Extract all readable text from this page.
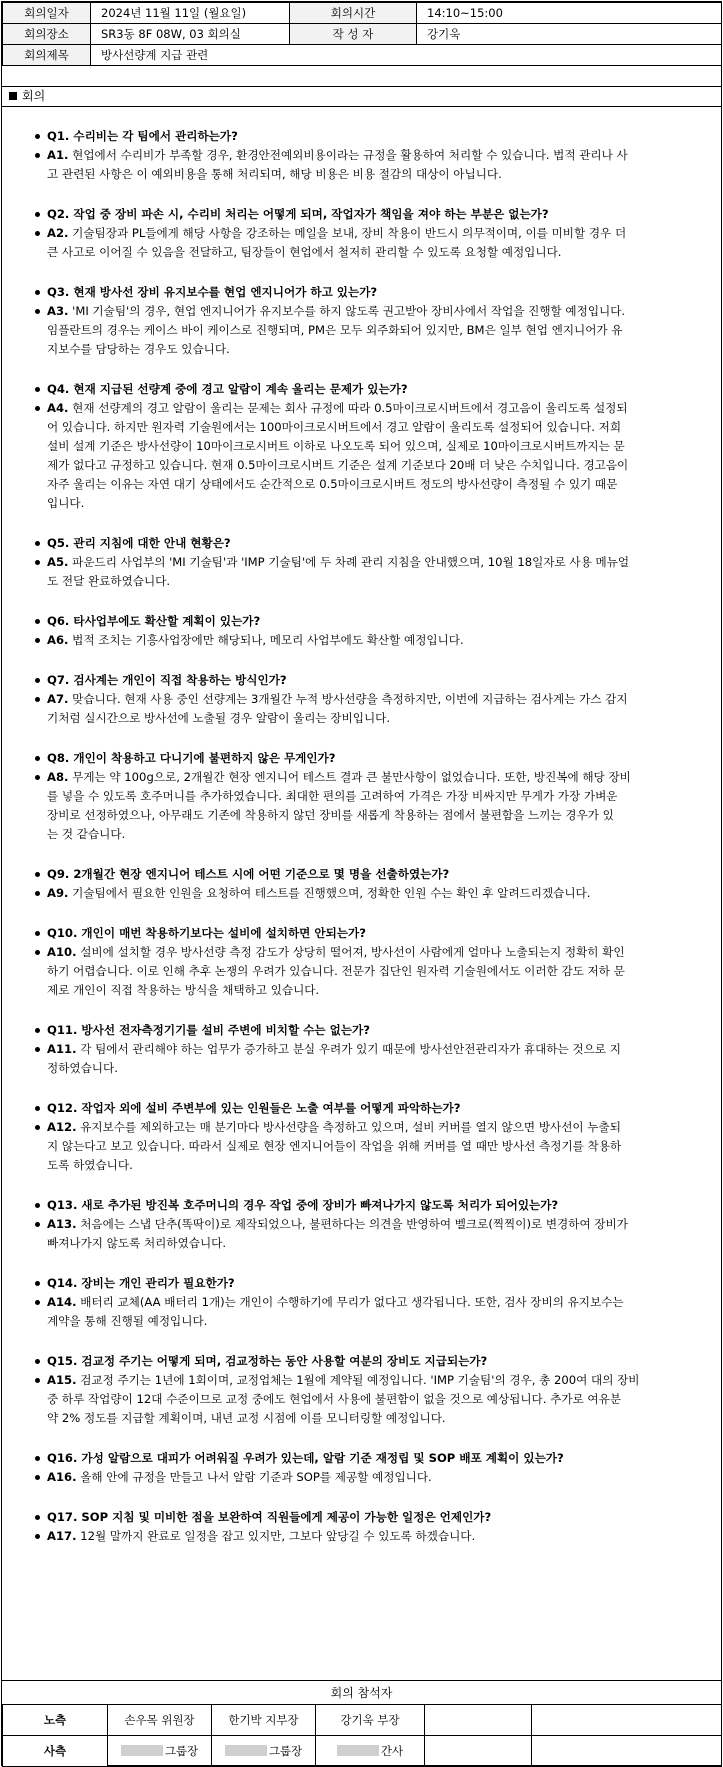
회의일자	2024년 11월 11일 (월요일)	회의시간	14:10~15:00
회의장소	SR3동 8F 08W, 03 회의실	작 성 자	강기욱
회의제목	방사선량계 지급 관련		
회의
Q1. 수리비는 각 팀에서 관리하는가?
A1. 현업에서 수리비가 부족할 경우, 환경안전예외비용이라는 규정을 활용하여 처리할 수 있습니다. 법적 관리나 사
고 관련된 사항은 이 예외비용을 통해 처리되며, 해당 비용은 비용 절감의 대상이 아닙니다.
Q2. 작업 중 장비 파손 시, 수리비 처리는 어떻게 되며, 작업자가 책임을 져야 하는 부분은 없는가?
A2. 기술팀장과 PL들에게 해당 사항을 강조하는 메일을 보내, 장비 착용이 반드시 의무적이며, 이를 미비할 경우 더
큰 사고로 이어질 수 있음을 전달하고, 팀장들이 현업에서 철저히 관리할 수 있도록 요청할 예정입니다.
Q3. 현재 방사선 장비 유지보수를 현업 엔지니어가 하고 있는가?
A3. 'MI 기술팀'의 경우, 현업 엔지니어가 유지보수를 하지 않도록 권고받아 장비사에서 작업을 진행할 예정입니다.
임플란트의 경우는 케이스 바이 케이스로 진행되며, PM은 모두 외주화되어 있지만, BM은 일부 현업 엔지니어가 유
지보수를 담당하는 경우도 있습니다.
Q4. 현재 지급된 선량계 중에 경고 알람이 계속 울리는 문제가 있는가?
A4. 현재 선량계의 경고 알람이 울리는 문제는 회사 규정에 따라 0.5마이크로시버트에서 경고음이 울리도록 설정되
어 있습니다. 하지만 원자력 기술원에서는 100마이크로시버트에서 경고 알람이 울리도록 설정되어 있습니다. 저희
설비 설계 기준은 방사선량이 10마이크로시버트 이하로 나오도록 되어 있으며, 실제로 10마이크로시버트까지는 문
제가 없다고 규정하고 있습니다. 현재 0.5마이크로시버트 기준은 설계 기준보다 20배 더 낮은 수치입니다. 경고음이
자주 울리는 이유는 자연 대기 상태에서도 순간적으로 0.5마이크로시버트 정도의 방사선량이 측정될 수 있기 때문
입니다.
Q5. 관리 지침에 대한 안내 현황은?
A5. 파운드리 사업부의 'MI 기술팀'과 'IMP 기술팀'에 두 차례 관리 지침을 안내했으며, 10월 18일자로 사용 메뉴얼
도 전달 완료하였습니다.
Q6. 타사업부에도 확산할 계획이 있는가?
A6. 법적 조치는 기흥사업장에만 해당되나, 메모리 사업부에도 확산할 예정입니다.
Q7. 검사계는 개인이 직접 착용하는 방식인가?
A7. 맞습니다. 현재 사용 중인 선량계는 3개월간 누적 방사선량을 측정하지만, 이번에 지급하는 검사계는 가스 감지
기처럼 실시간으로 방사선에 노출될 경우 알람이 울리는 장비입니다.
Q8. 개인이 착용하고 다니기에 불편하지 않은 무게인가?
A8. 무게는 약 100g으로, 2개월간 현장 엔지니어 테스트 결과 큰 불만사항이 없었습니다. 또한, 방진복에 해당 장비
를 넣을 수 있도록 호주머니를 추가하였습니다. 최대한 편의를 고려하여 가격은 가장 비싸지만 무게가 가장 가벼운
장비로 선정하였으나, 아무래도 기존에 착용하지 않던 장비를 새롭게 착용하는 점에서 불편함을 느끼는 경우가 있
는 것 같습니다.
Q9. 2개월간 현장 엔지니어 테스트 시에 어떤 기준으로 몇 명을 선출하였는가?
A9. 기술팀에서 필요한 인원을 요청하여 테스트를 진행했으며, 정확한 인원 수는 확인 후 알려드리겠습니다.
Q10. 개인이 매번 착용하기보다는 설비에 설치하면 안되는가?
A10. 설비에 설치할 경우 방사선량 측정 감도가 상당히 떨어져, 방사선이 사람에게 얼마나 노출되는지 정확히 확인
하기 어렵습니다. 이로 인해 추후 논쟁의 우려가 있습니다. 전문가 집단인 원자력 기술원에서도 이러한 감도 저하 문
제로 개인이 직접 착용하는 방식을 채택하고 있습니다.
Q11. 방사선 전자측정기기를 설비 주변에 비치할 수는 없는가?
A11. 각 팀에서 관리해야 하는 업무가 증가하고 분실 우려가 있기 때문에 방사선안전관리자가 휴대하는 것으로 지
정하였습니다.
Q12. 작업자 외에 설비 주변부에 있는 인원들은 노출 여부를 어떻게 파악하는가?
A12. 유지보수를 제외하고는 매 분기마다 방사선량을 측정하고 있으며, 설비 커버를 열지 않으면 방사선이 누출되
지 않는다고 보고 있습니다. 따라서 실제로 현장 엔지니어들이 작업을 위해 커버를 열 때만 방사선 측정기를 착용하
도록 하였습니다.
Q13. 새로 추가된 방진복 호주머니의 경우 작업 중에 장비가 빠져나가지 않도록 처리가 되어있는가?
A13. 처음에는 스냅 단추(똑딱이)로 제작되었으나, 불편하다는 의견을 반영하여 벨크로(찍찍이)로 변경하여 장비가
빠져나가지 않도록 처리하였습니다.
Q14. 장비는 개인 관리가 필요한가?
A14. 배터리 교체(AA 배터리 1개)는 개인이 수행하기에 무리가 없다고 생각됩니다. 또한, 검사 장비의 유지보수는
계약을 통해 진행될 예정입니다.
Q15. 검교정 주기는 어떻게 되며, 검교정하는 동안 사용할 여분의 장비도 지급되는가?
A15. 검교정 주기는 1년에 1회이며, 교정업체는 1월에 계약될 예정입니다. 'IMP 기술팀'의 경우, 총 200여 대의 장비
중 하루 작업량이 12대 수준이므로 교정 중에도 현업에서 사용에 불편함이 없을 것으로 예상됩니다. 추가로 여유분
약 2% 정도를 지급할 계획이며, 내년 교정 시점에 이를 모니터링할 예정입니다.
Q16. 가성 알람으로 대피가 어려워질 우려가 있는데, 알람 기준 재정립 및 SOP 배포 계획이 있는가?
A16. 올해 안에 규정을 만들고 나서 알람 기준과 SOP를 제공할 예정입니다.
Q17. SOP 지침 및 미비한 점을 보완하여 직원들에게 제공이 가능한 일정은 언제인가?
A17. 12월 말까지 완료로 일정을 잡고 있지만, 그보다 앞당길 수 있도록 하겠습니다.
회의 참석자
노측	손우목 위원장	한기박 지부장	강기욱 부장		
사측	그룹장	그룹장	간사		
